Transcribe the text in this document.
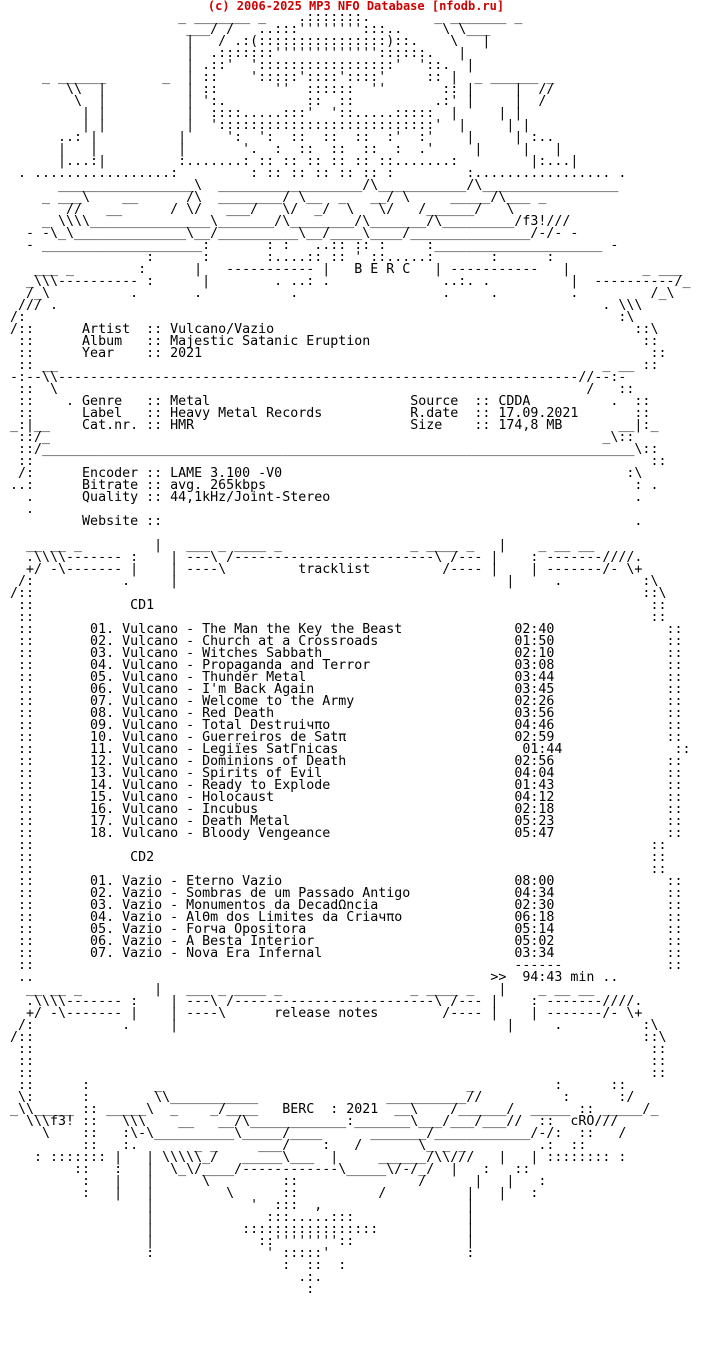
(c) 2006-2025 MP3 NFO Database [nfodb.ru]
_ _______ _    .:::::::.        _ _______ _
___/ /   ..:::'''''''':::..     \ \___
|   / .:(::::::::::::::::)::.    \   |
|  .:::::::'''''''''''''::::::.   |
| .::'  ':::::::::::::::::'  '::.  |
_ ______       _  | ::    ':::::'::::'::::'     :: |  _ ______ _
\\  |          | ::       ''  ::::::  ''       :: |     |  //
\  |          | ':.          ::  ::          .:' |     |  /
| |          |  ::::.....:::'  '::.....:::::  |     | |
| |          |  ':::::::::::::::::::::::::::'  |     | |
..: |          |     ':  ':  ::  ::  ::  :'  :'    |     | :..
|   |          |       '.  :  ::  ::  ::  :  .'     |     |   |
|...:|         :.......: :: :: :: :: :: ::.......:         |:...|
. .................:         : :: :: :: :: :: :         :................. .
_________________\  __________________/\___________/\_________________
_ ___\    __      /\  ________/ \__  _   __/ \     _____/\___ _
//   __      / \/   ___/   \/  _/  \   \/   /______/   \
_ \\\\_______________\_______/\________/\_______/\_________/f3!///
- -\_\______________\__/__________\__/____\____/_______________/-/- -
- ____________________:       : :   ..:: :: :     :_____________________ -
:      :       :....:: :: ' ::.....:       :      :
___ _        :      |   ----------- |   B E R C   | -----------   |         _ ___
_\\\---------- :      |        . ..: .              ..:. .          |  ----------/_
/_\          .       .           .                  .     .         .         /_\
/// .                                                                    . \\\
/:                                                                          :\
/::      Artist  :: Vulcano/Vazio                                             ::\
::      Album   :: Majestic Satanic Eruption                                  ::
::      Year    :: 2021                                                        ::
:: __                                                                    _ __ ::
-:--\\-----------------------------------------------------------------//--:-
::  \                                                                  /   ::
::    . Genre   :: Metal                         Source  :: CDDA          .  ::
::      Label   :: Heavy Metal Records           R.date  :: 17.09.2021       ::
_:|__    Cat.nr. :: HMR                           Size    :: 174,8 MB       __|:_
::/_                                                                     _\::
::/__________________________________________________________________________\::
::                                                                             ::
/:      Encoder :: LAME 3.100 -V0                                           :\
..:      Bitrate :: avg. 265kbps                                              : .
.      Quality :: 44,1kHz/Joint-Stereo                                      .
.
Website ::                                                           .

__ __ _         |   ___ _ ____ _                _ ____ _   |    _ __ __
.\\\\------- :    | ---\ /-------------------------\ /--- |    : -------////.
+/ -\------- |    | ----\         tracklist         /---- |    | -------/- \+
/:           .     |                                         |     .          :\
/::                                                                            ::\
::            CD1                                                              ::
::                                                                             ::
::       01. Vulcano - The Man the Key the Beast              02:40              ::
::       02. Vulcano - Church at a Crossroads                 01:50              ::
::       03. Vulcano - Witches Sabbath                        02:10              ::
::       04. Vulcano - Propaganda and Terror                  03:08              ::
::       05. Vulcano - Thunder Metal                          03:44              ::
::       06. Vulcano - I'm Back Again                         03:45              ::
::       07. Vulcano - Welcome to the Army                    02:26              ::
::       08. Vulcano - Red Death                              03:56              ::
::       09. Vulcano - Total Destruiчπo                       04:46              ::
::       10. Vulcano - Guerreiros de Satπ                     02:59              ::
::       11. Vulcano - Legiїes SatΓnicas                       01:44              ::
::       12. Vulcano - Dominions of Death                     02:56              ::
::       13. Vulcano - Spirits of Evil                        04:04              ::
::       14. Vulcano - Ready to Explode                       01:43              ::
::       15. Vulcano - Holocaust                              04:12              ::
::       16. Vulcano - Incubus                                02:18              ::
::       17. Vulcano - Death Metal                            05:23              ::
::       18. Vulcano - Bloody Vengeance                       05:47              ::
::                                                                             ::
::            CD2                                                              ::
::                                                                             ::
::       01. Vazio - Eterno Vazio                             08:00              ::
::       02. Vazio - Sombras de um Passado Antigo             04:34              ::
::       03. Vazio - Monumentos da DecadΩncia                 02:30              ::
::       04. Vazio - AlΘm dos Limites da Criaчπo              06:18              ::
::       05. Vazio - Forчa Opositora                          05:14              ::
::       06. Vazio - A Besta Interior                         05:02              ::
::       07. Vazio - Nova Era Infernal                        03:34              ::
::                                                            ------             ::
..                                                         >>  94:43 min ..
__ __ _         |   ___ _ ____ _                _ ____ _   |    _ __ __
.\\\\------- :    | ---\ /-------------------------\ /--- |    : -------////.
+/ -\------- |    | ----\      release notes        /---- |    | -------/- \+
/:           .     |                                         |     .          :\
/::                                                                            ::\
::                                                                             ::
::                                                                             ::
::                                                                             ::
::      :        _                                      _          :      ::
\:      :        \\___________                __________//          :      :/
_\\_____ :: _____\  _    _/____   BERC  : 2021  __\    /______/  _____ :: _____/_
\\\f3! ::   \\\    __   __/\____________:_______\___/___/___//  ::  cRO///
\    ::   :\-\__________\_____/____      _______/____________/-/:  ::   /
::   :.       _ _     ___/    :   /       \_ _ _         .:  ::
: ::::::: |   | \\\\\_/   _____\___  |     ______/\\///   |   | :::::::: :
::   :   |  \_\/____/------------\_____\/-/_/  |   :   ::
:   |   |      \         ::               /      |   |   :
:   |   |         \      ::          /          |   |   :
|            '  :::  ,                  |
|              :::.....:::              |
|           :::::::::::::::::           |
|             ::''''''''::              |
:              ' :::::'                 :
:  ::  :
.:.
:
